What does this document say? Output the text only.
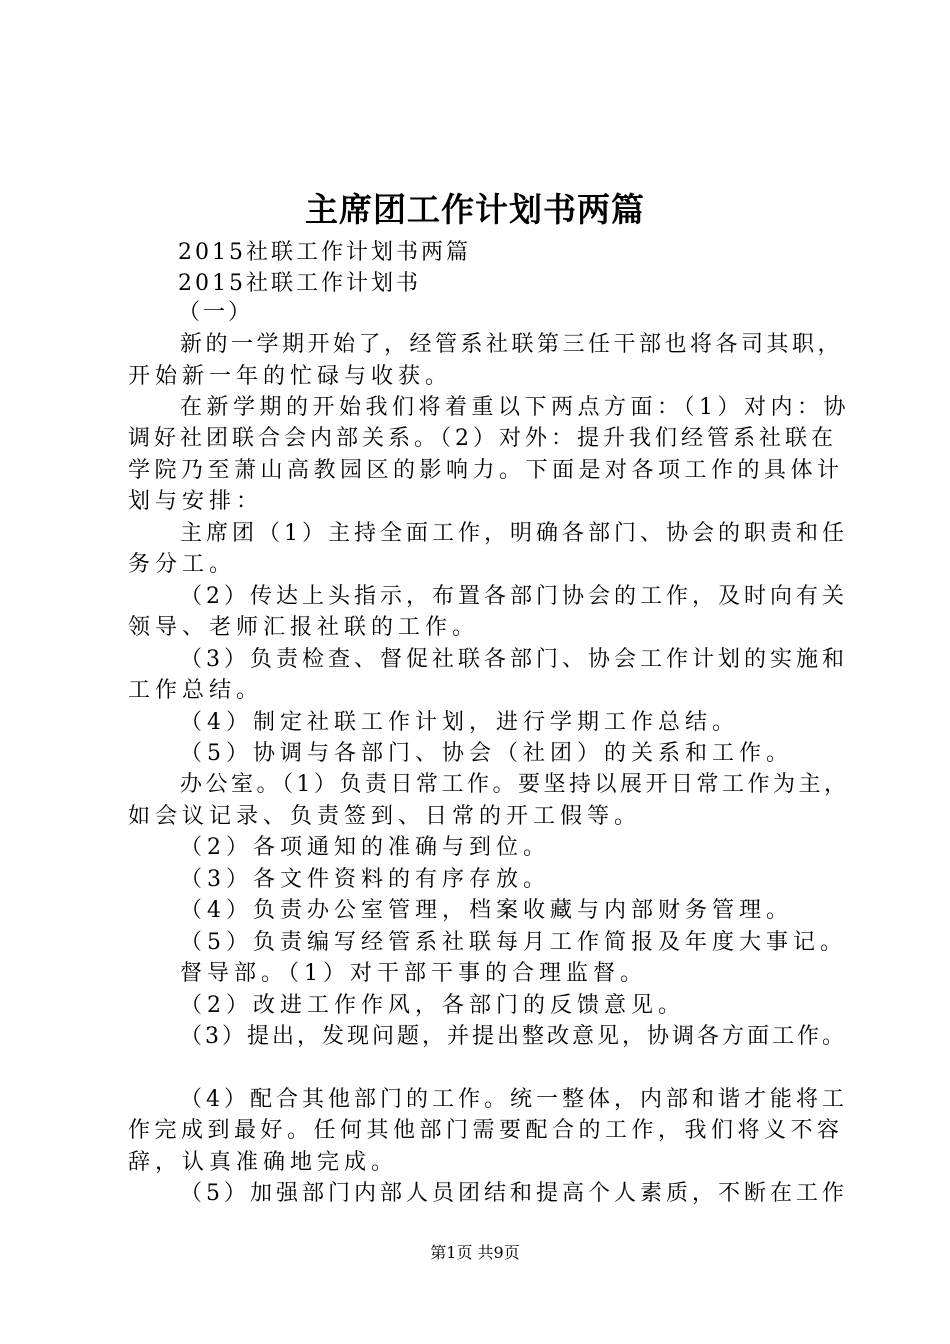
主席团工作计划书两篇
2015社联工作计划书两篇
2015社联工作计划书
（一）
新的一学期开始了，经管系社联第三任干部也将各司其职，
开始新一年的忙碌与收获。
在新学期的开始我们将着重以下两点方面：（1）对内：协
调好社团联合会内部关系。（2）对外：提升我们经管系社联在
学院乃至萧山高教园区的影响力。下面是对各项工作的具体计
划与安排：
主席团（1）主持全面工作，明确各部门、协会的职责和任
务分工。
（2）传达上头指示，布置各部门协会的工作，及时向有关
领导、老师汇报社联的工作。
（3）负责检查、督促社联各部门、协会工作计划的实施和
工作总结。
（4）制定社联工作计划，进行学期工作总结。
（5）协调与各部门、协会（社团）的关系和工作。
办公室。（1）负责日常工作。要坚持以展开日常工作为主，
如会议记录、负责签到、日常的开工假等。
（2）各项通知的准确与到位。
（3）各文件资料的有序存放。
（4）负责办公室管理，档案收藏与内部财务管理。
（5）负责编写经管系社联每月工作简报及年度大事记。
督导部。（1）对干部干事的合理监督。
（2）改进工作作风，各部门的反馈意见。
（3）提出，发现问题，并提出整改意见，协调各方面工作。
（4）配合其他部门的工作。统一整体，内部和谐才能将工
作完成到最好。任何其他部门需要配合的工作，我们将义不容
辞，认真准确地完成。
（5）加强部门内部人员团结和提高个人素质，不断在工作
第1页 共9页
